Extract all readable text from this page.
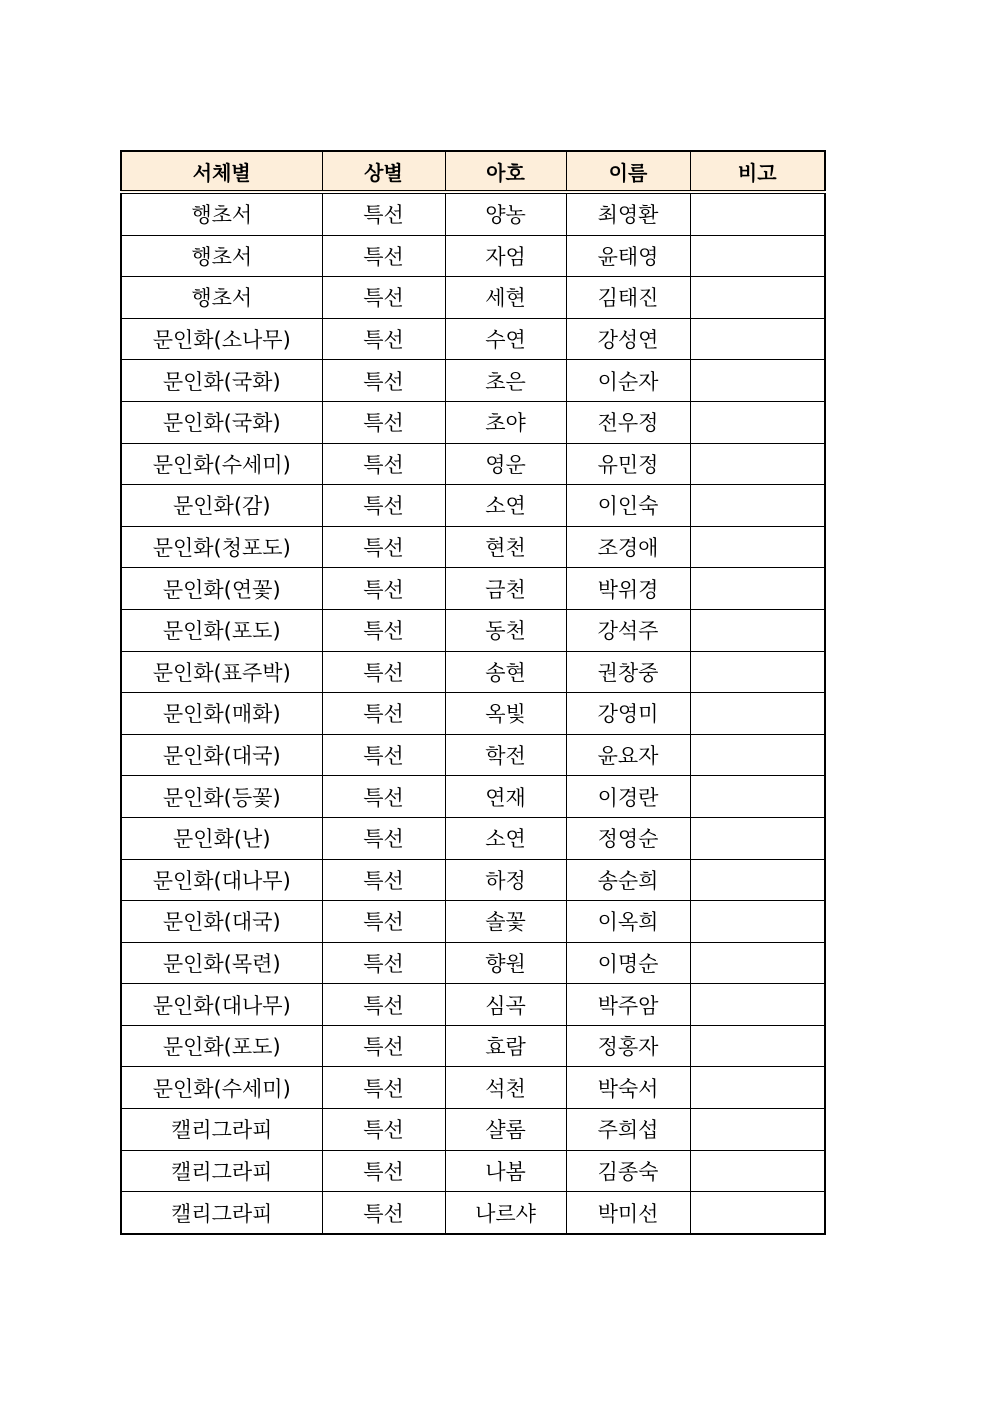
서체별	상별	아호	이름	비고
행초서	특선	양농	최영환	
행초서	특선	자엄	윤태영	
행초서	특선	세현	김태진	
문인화(소나무)	특선	수연	강성연	
문인화(국화)	특선	초은	이순자	
문인화(국화)	특선	초야	전우정	
문인화(수세미)	특선	영운	유민정	
문인화(감)	특선	소연	이인숙	
문인화(청포도)	특선	현천	조경애	
문인화(연꽃)	특선	금천	박위경	
문인화(포도)	특선	동천	강석주	
문인화(표주박)	특선	송현	권창중	
문인화(매화)	특선	옥빛	강영미	
문인화(대국)	특선	학전	윤요자	
문인화(등꽃)	특선	연재	이경란	
문인화(난)	특선	소연	정영순	
문인화(대나무)	특선	하정	송순희	
문인화(대국)	특선	솔꽃	이옥희	
문인화(목련)	특선	향원	이명순	
문인화(대나무)	특선	심곡	박주암	
문인화(포도)	특선	효람	정홍자	
문인화(수세미)	특선	석천	박숙서	
캘리그라피	특선	샬롬	주희섭	
캘리그라피	특선	나봄	김종숙	
캘리그라피	특선	나르샤	박미선	
